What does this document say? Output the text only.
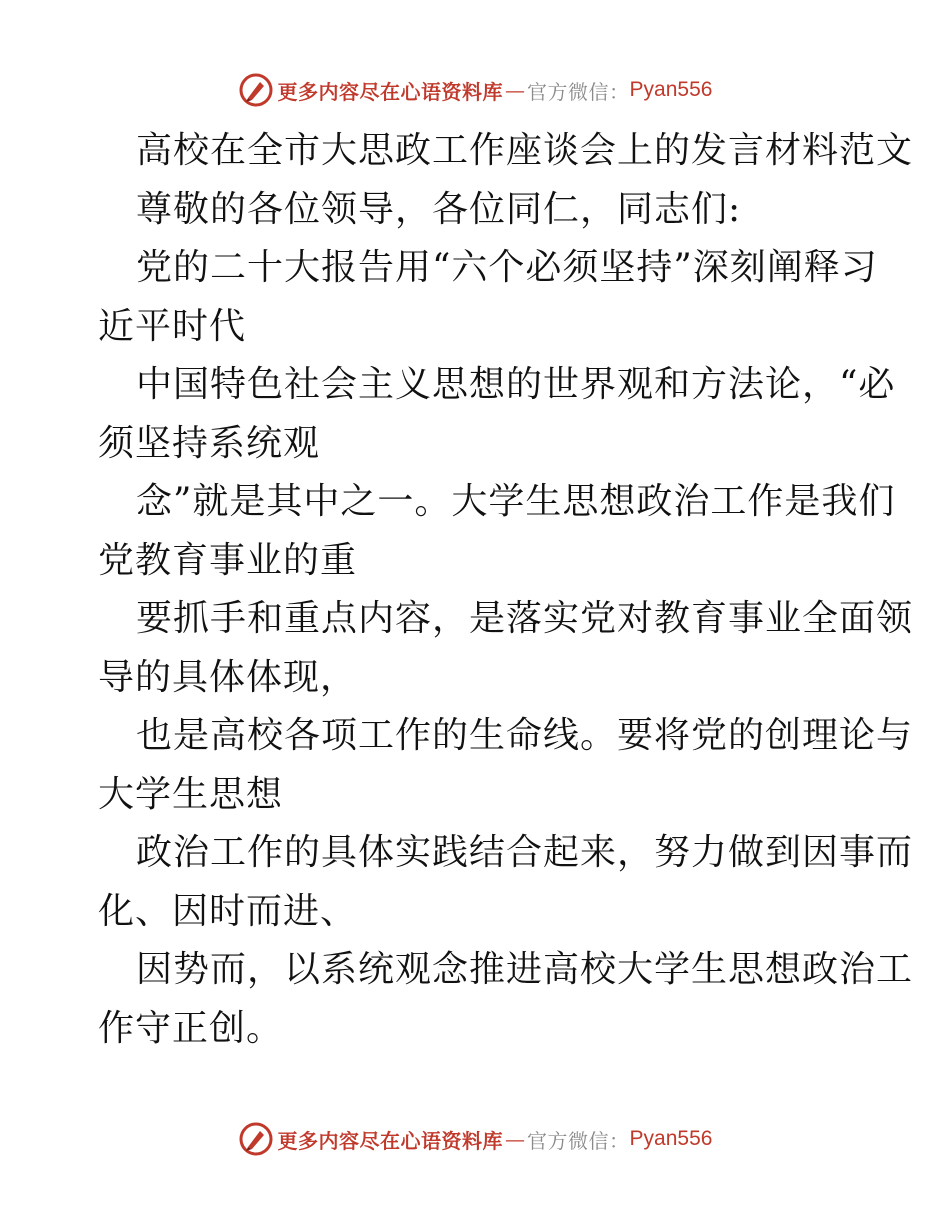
更多内容尽在心语资料库 — 官方微信： Pyan556
高校在全市大思政工作座谈会上的发言材料范文
尊敬的各位领导，各位同仁，同志们:
党的二十大报告用“六个必须坚持”深刻阐释习
近平时代
中国特色社会主义思想的世界观和方法论，“必
须坚持系统观
念”就是其中之一。大学生思想政治工作是我们
党教育事业的重
要抓手和重点内容，是落实党对教育事业全面领
导的具体体现，
也是高校各项工作的生命线。要将党的创理论与
大学生思想
政治工作的具体实践结合起来，努力做到因事而
化、因时而进、
因势而，以系统观念推进高校大学生思想政治工
作守正创。
更多内容尽在心语资料库 — 官方微信： Pyan556
